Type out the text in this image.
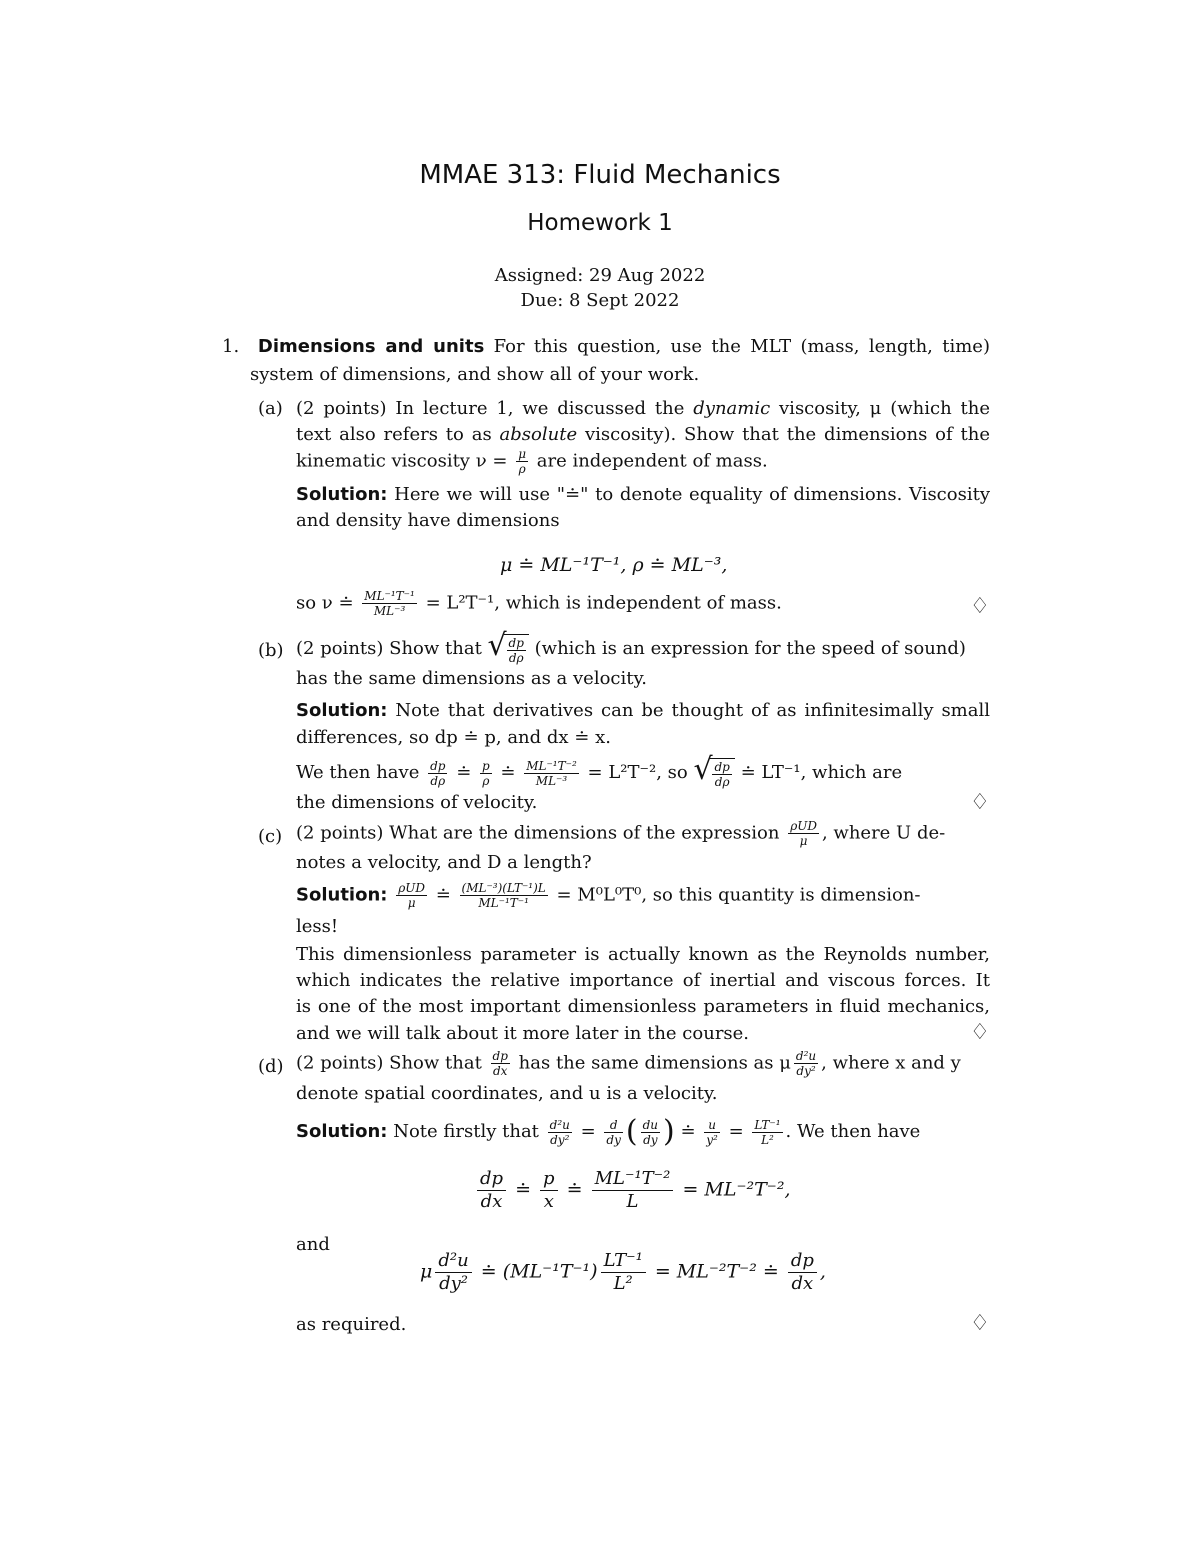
MMAE 313: Fluid Mechanics
Homework 1
Assigned: 29 Aug 2022
Due: 8 Sept 2022
1. Dimensions and units For this question, use the MLT (mass, length, time)
system of dimensions, and show all of your work.
(a) (2 points) In lecture 1, we discussed the dynamic viscosity, μ (which the
text also refers to as absolute viscosity). Show that the dimensions of the
kinematic viscosity $\nu = \frac{\mu}{\rho}$ are independent of mass.
Solution: Here we will use "≐" to denote equality of dimensions. Viscosity
and density have dimensions
μ ≐ ML⁻¹T⁻¹, ρ ≐ ML⁻³,
so ν ≐ $\frac{\text{ML⁻¹T⁻¹}}{\text{ML⁻³}} = L^2T^{-1}$, which is independent of mass.	♢
(b) (2 points) Show that √ $\frac{dp}{d\rho}$ (which is an expression for the speed of sound)
has the same dimensions as a velocity.
Solution: Note that derivatives can be thought of as infinitesimally small
differences, so dp ≐ p, and dx ≐ x.
We then have $\frac{dp}{d\rho}$ ≐ $\frac{p}{\rho}$ ≐ $\frac{\text{ML⁻¹T⁻²}}{\text{ML⁻³}} = L^2T^{-2}$, so √ $\frac{dp}{d\rho}$ ≐ LT⁻¹, which are
the dimensions of velocity.	♢
(c) (2 points) What are the dimensions of the expression $\frac{\text{ρUD}}{\mu}$ , where U de-
notes a velocity, and D a length?
Solution: $\frac{\text{ρUD}}{\mu}$ ≐ $\frac{\text{(ML⁻³)(LT⁻¹)L}}{\text{ML⁻¹T⁻¹}} = M^0L^0T^0$, so this quantity is dimension-
less!
This dimensionless parameter is actually known as the Reynolds number,
which indicates the relative importance of inertial and viscous forces. It
is one of the most important dimensionless parameters in fluid mechanics,
and we will talk about it more later in the course.	♢
(d) (2 points) Show that $\frac{dp}{dx}$ has the same dimensions as μ $\frac{\text{d²u}}{\text{dy²}}$ , where x and y
denote spatial coordinates, and u is a velocity.
Solution: Note firstly that $\frac{\text{d²u}}{\text{dy²}} = \frac{d}{dy}$ ( $\frac{du}{dy}$ ) ≐ $\frac{u}{\text{y²}} = \frac{\text{LT⁻¹}}{\text{L²}}$ . We then have
$\frac{dp}{dx}$ ≐ $\frac{p}{x}$ ≐ $\frac{\text{ML⁻¹T⁻²}}{L} = ML^{-2}T^{-2}$,
and
μ $\frac{\text{d²u}}{\text{dy²}}$ ≐ $(ML^{-1}T^{-1}) \frac{\text{LT⁻¹}}{\text{L²}} = ML^{-2}T^{-2}$ ≐ $\frac{dp}{dx}$ ,
as required.	♢
